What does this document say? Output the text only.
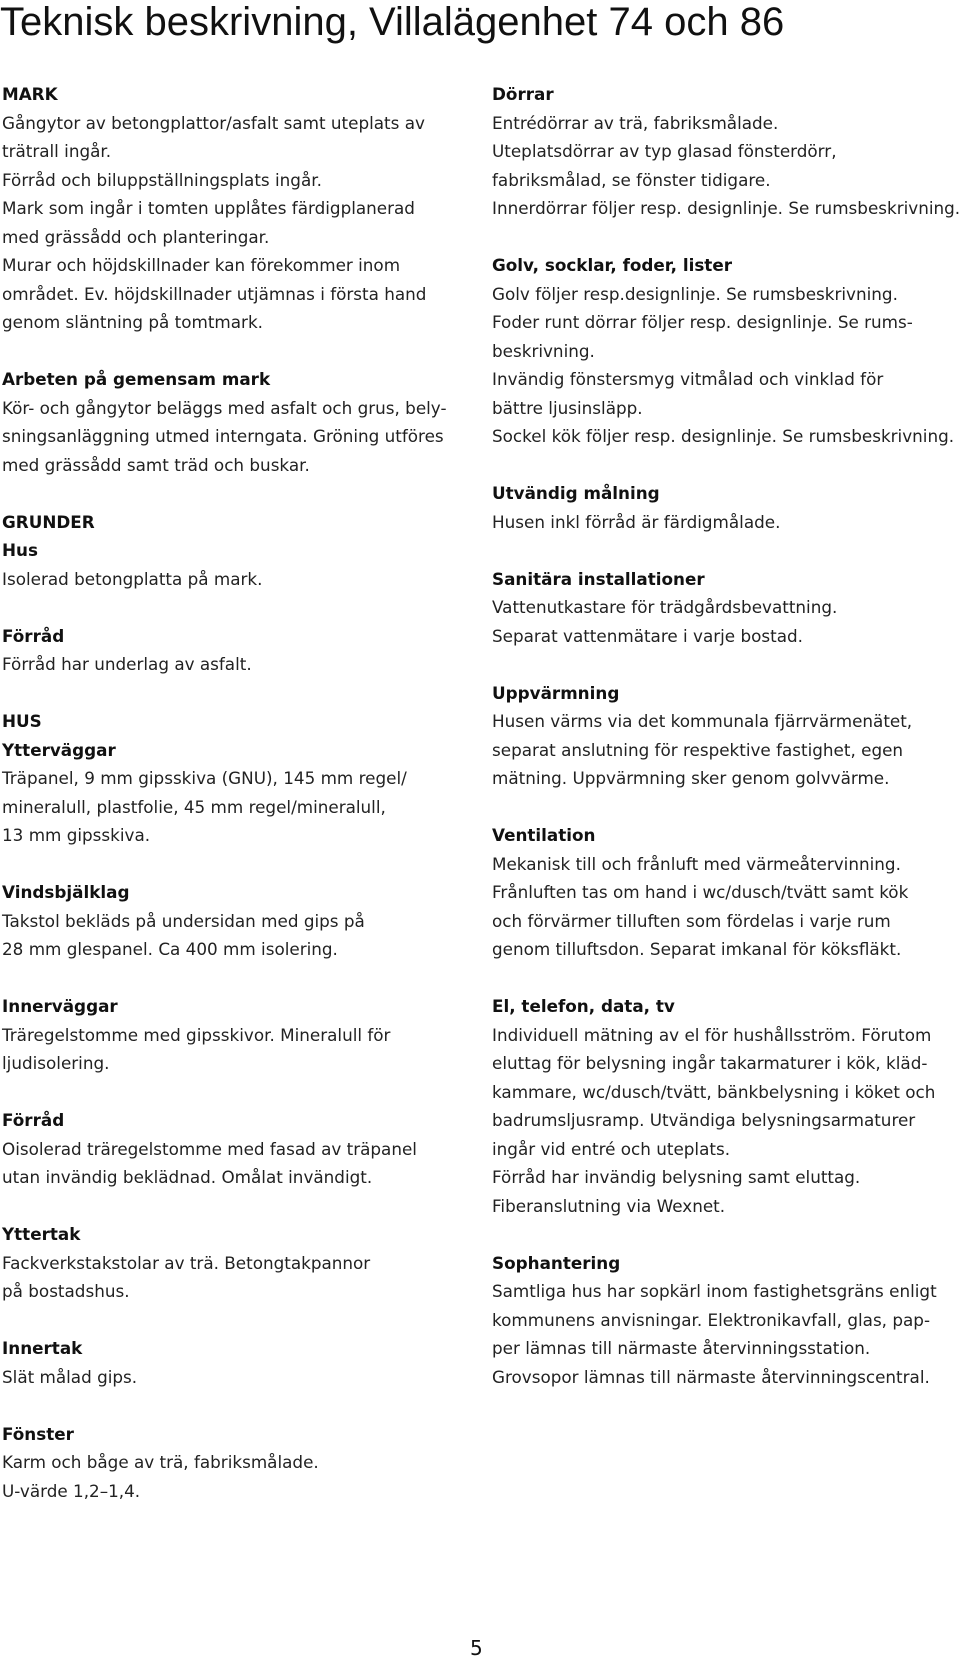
Teknisk beskrivning, Villalägenhet 74 och 86
MARK
Gångytor av betongplattor/asfalt samt uteplats av
trätrall ingår.
Förråd och biluppställningsplats ingår.
Mark som ingår i tomten upplåtes färdigplanerad
med grässådd och planteringar.
Murar och höjdskillnader kan förekommer inom
området. Ev. höjdskillnader utjämnas i första hand
genom släntning på tomtmark.
Arbeten på gemensam mark
Kör- och gångytor beläggs med asfalt och grus, bely-
sningsanläggning utmed interngata. Gröning utföres
med grässådd samt träd och buskar.
GRUNDER
Hus
Isolerad betongplatta på mark.
Förråd
Förråd har underlag av asfalt.
HUS
Ytterväggar
Träpanel, 9 mm gipsskiva (GNU), 145 mm regel/
mineralull, plastfolie, 45 mm regel/mineralull,
13 mm gipsskiva.
Vindsbjälklag
Takstol bekläds på undersidan med gips på
28 mm glespanel. Ca 400 mm isolering.
Innerväggar
Träregelstomme med gipsskivor. Mineralull för
ljudisolering.
Förråd
Oisolerad träregelstomme med fasad av träpanel
utan invändig beklädnad. Omålat invändigt.
Yttertak
Fackverkstakstolar av trä. Betongtakpannor
på bostadshus.
Innertak
Slät målad gips.
Fönster
Karm och båge av trä, fabriksmålade.
U-värde 1,2–1,4.
Dörrar
Entrédörrar av trä, fabriksmålade.
Uteplatsdörrar av typ glasad fönsterdörr,
fabriksmålad, se fönster tidigare.
Innerdörrar följer resp. designlinje. Se rumsbeskrivning.
Golv, socklar, foder, lister
Golv följer resp.designlinje. Se rumsbeskrivning.
Foder runt dörrar följer resp. designlinje. Se rums-
beskrivning.
Invändig fönstersmyg vitmålad och vinklad för
bättre ljusinsläpp.
Sockel kök följer resp. designlinje. Se rumsbeskrivning.
Utvändig målning
Husen inkl förråd är färdigmålade.
Sanitära installationer
Vattenutkastare för trädgårdsbevattning.
Separat vattenmätare i varje bostad.
Uppvärmning
Husen värms via det kommunala fjärrvärmenätet,
separat anslutning för respektive fastighet, egen
mätning. Uppvärmning sker genom golvvärme.
Ventilation
Mekanisk till och frånluft med värmeåtervinning.
Frånluften tas om hand i wc/dusch/tvätt samt kök
och förvärmer tilluften som fördelas i varje rum
genom tilluftsdon. Separat imkanal för köksfläkt.
El, telefon, data, tv
Individuell mätning av el för hushållsström. Förutom
eluttag för belysning ingår takarmaturer i kök, kläd-
kammare, wc/dusch/tvätt, bänkbelysning i köket och
badrumsljusramp. Utvändiga belysningsarmaturer
ingår vid entré och uteplats.
Förråd har invändig belysning samt eluttag.
Fiberanslutning via Wexnet.
Sophantering
Samtliga hus har sopkärl inom fastighetsgräns enligt
kommunens anvisningar. Elektronikavfall, glas, pap-
per lämnas till närmaste återvinningsstation.
Grovsopor lämnas till närmaste återvinningscentral.
5
